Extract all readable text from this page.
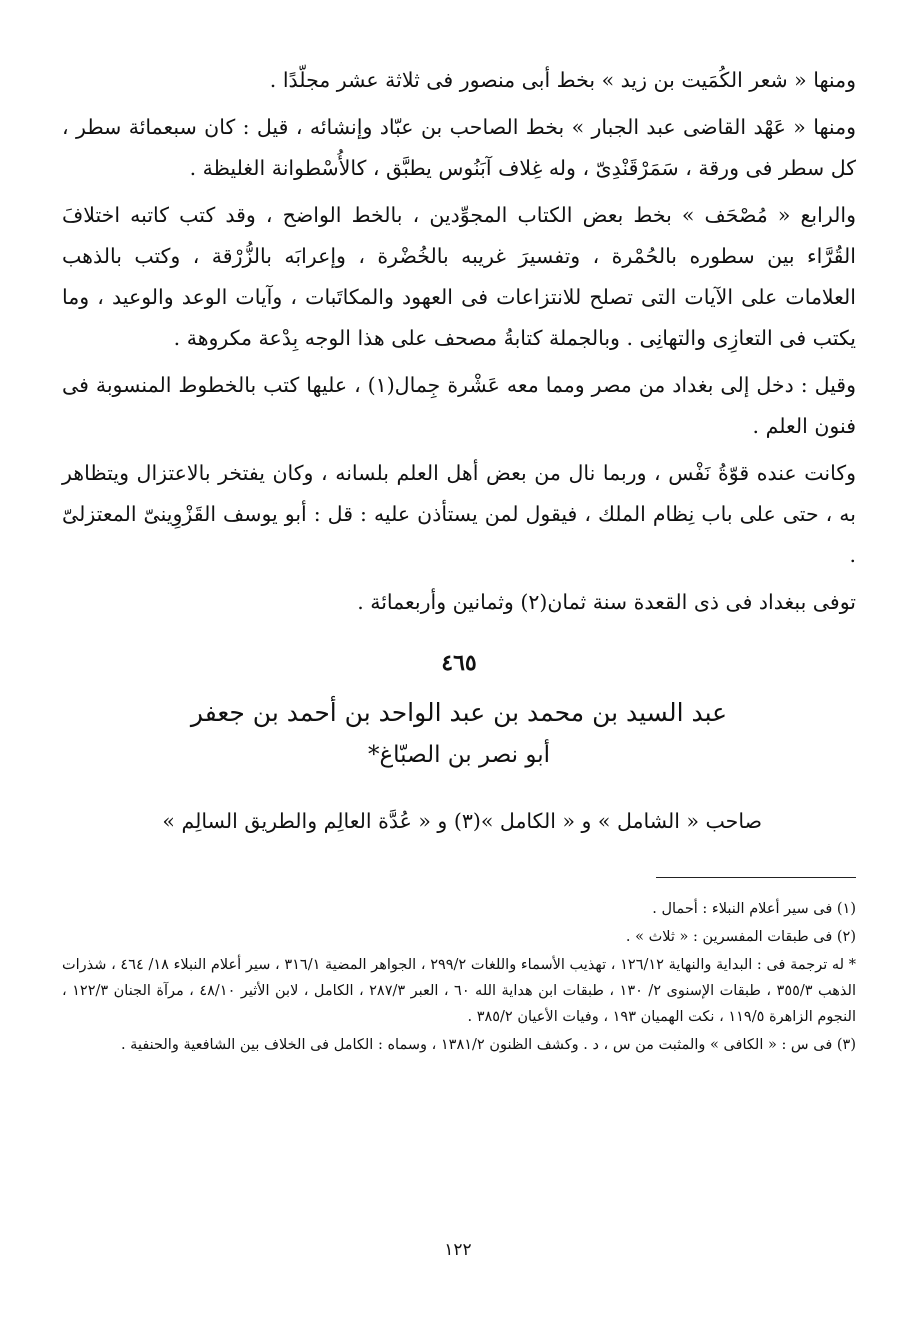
ومنها « شعر الكُمَيت بن زيد » بخط أبى منصور فى ثلاثة عشر مجلّدًا .

ومنها « عَهْد القاضى عبد الجبار » بخط الصاحب بن عبّاد وإنشائه ، قيل : كان سبعمائة سطر ، كل سطر فى ورقة ، سَمَرْقَنْدِىّ ، وله غِلاف آبَنُوس يطبَّق ، كالأُسْطوانة الغليظة .

والرابع « مُصْحَف » بخط بعض الكتاب المجوِّدين ، بالخط الواضح ، وقد كتب كاتبه اختلافَ القُرَّاء بين سطوره بالحُمْرة ، وتفسيرَ غريبه بالخُضْرة ، وإعرابَه بالزُّرْقة ، وكتب بالذهب العلامات على الآيات التى تصلح للانتزاعات فى العهود والمكاتَبات ، وآيات الوعد والوعيد ، وما يكتب فى التعازِى والتهانِى . وبالجملة كتابةُ مصحف على هذا الوجه بِدْعة مكروهة .

وقيل : دخل إلى بغداد من مصر ومما معه عَشْرة جِمال(١) ، عليها كتب بالخطوط المنسوبة فى فنون العلم .

وكانت عنده قوّةُ نَفْس ، وربما نال من بعض أهل العلم بلسانه ، وكان يفتخر بالاعتزال ويتظاهر به ، حتى على باب نِظام الملك ، فيقول لمن يستأذن عليه : قل : أبو يوسف القَزْوِينىّ المعتزلىّ .

توفى ببغداد فى ذى القعدة سنة ثمان(٢) وثمانين وأربعمائة .

٤٦٥
عبد السيد بن محمد بن عبد الواحد بن أحمد بن جعفر
أبو نصر بن الصبّاغ*
صاحب « الشامل » و « الكامل »(٣) و « عُدَّة العالِم والطريق السالِم »

(١) فى سير أعلام النبلاء : أحمال .

(٢) فى طبقات المفسرين : « ثلاث » .

* له ترجمة فى : البداية والنهاية ١٢٦/١٢ ، تهذيب الأسماء واللغات ٢٩٩/٢ ، الجواهر المضية ٣١٦/١ ، سير أعلام النبلاء ١٨/ ٤٦٤ ، شذرات الذهب ٣٥٥/٣ ، طبقات الإسنوى ٢/ ١٣٠ ، طبقات ابن هداية الله ٦٠ ، العبر ٢٨٧/٣ ، الكامل ، لابن الأثير ٤٨/١٠ ، مرآة الجنان ١٢٢/٣ ، النجوم الزاهرة ١١٩/٥ ، نكت الهميان ١٩٣ ، وفيات الأعيان ٣٨٥/٢ .

(٣) فى س : « الكافى » والمثبت من س ، د . وكشف الظنون ١٣٨١/٢ ، وسماه : الكامل فى الخلاف بين الشافعية والحنفية .

١٢٢
